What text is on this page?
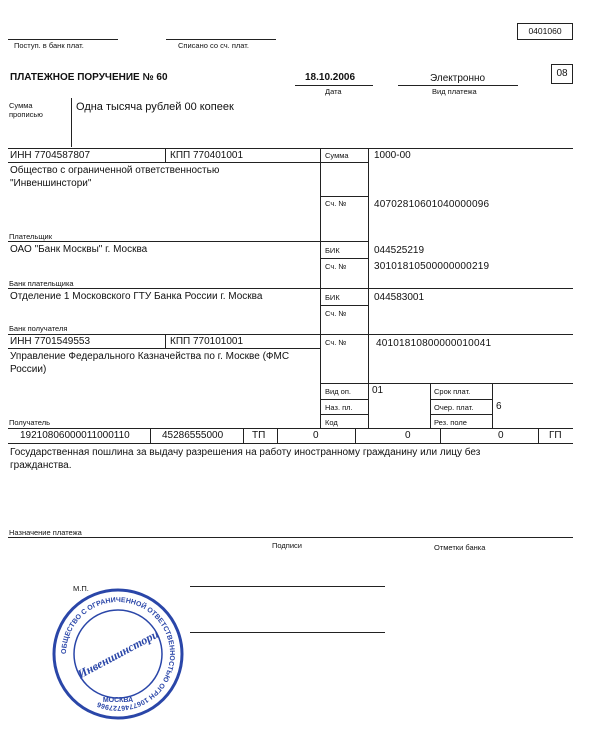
0401060
Поступ. в банк плат.	Списано со сч. плат.
ПЛАТЕЖНОЕ ПОРУЧЕНИЕ № 60	18.10.2006
Дата
Электронно
Вид платежа
08
Сумма
прописью
Одна тысяча рублей 00 копеек
ИНН 7704587807	КПП 770401001	Сумма	1000-00
Общество с ограниченной ответственностью
"Инвеншинстори"
Сч. №	40702810601040000096
Плательщик
ОАО "Банк Москвы" г. Москва	БИК	044525219
Сч. №	30101810500000000219
Банк плательщика
Отделение 1 Московского ГТУ Банка России г. Москва	БИК	044583001
Сч. №
Банк получателя
ИНН 7701549553	КПП 770101001	Сч. №	40101810800000010041
Управление Федерального Казначейства по г. Москве (ФМС
России)
Вид оп. 01	Срок плат.
Наз. пл.	Очер. плат. 6
Код	Рез. поле
Получатель
19210806000011000110	45286555000	ТП	0	0	0	ГП
Государственная пошлина за выдачу разрешения на работу иностранному гражданину или лицу без
гражданства.
Назначение платежа
Подписи	Отметки банка
М.П.
ОБЩЕСТВО С ОГРАНИЧЕННОЙ ОТВЕТСТВЕННОСТЬЮ ОГРН 1067746727966 МОСКВА
Инвеншинстори
